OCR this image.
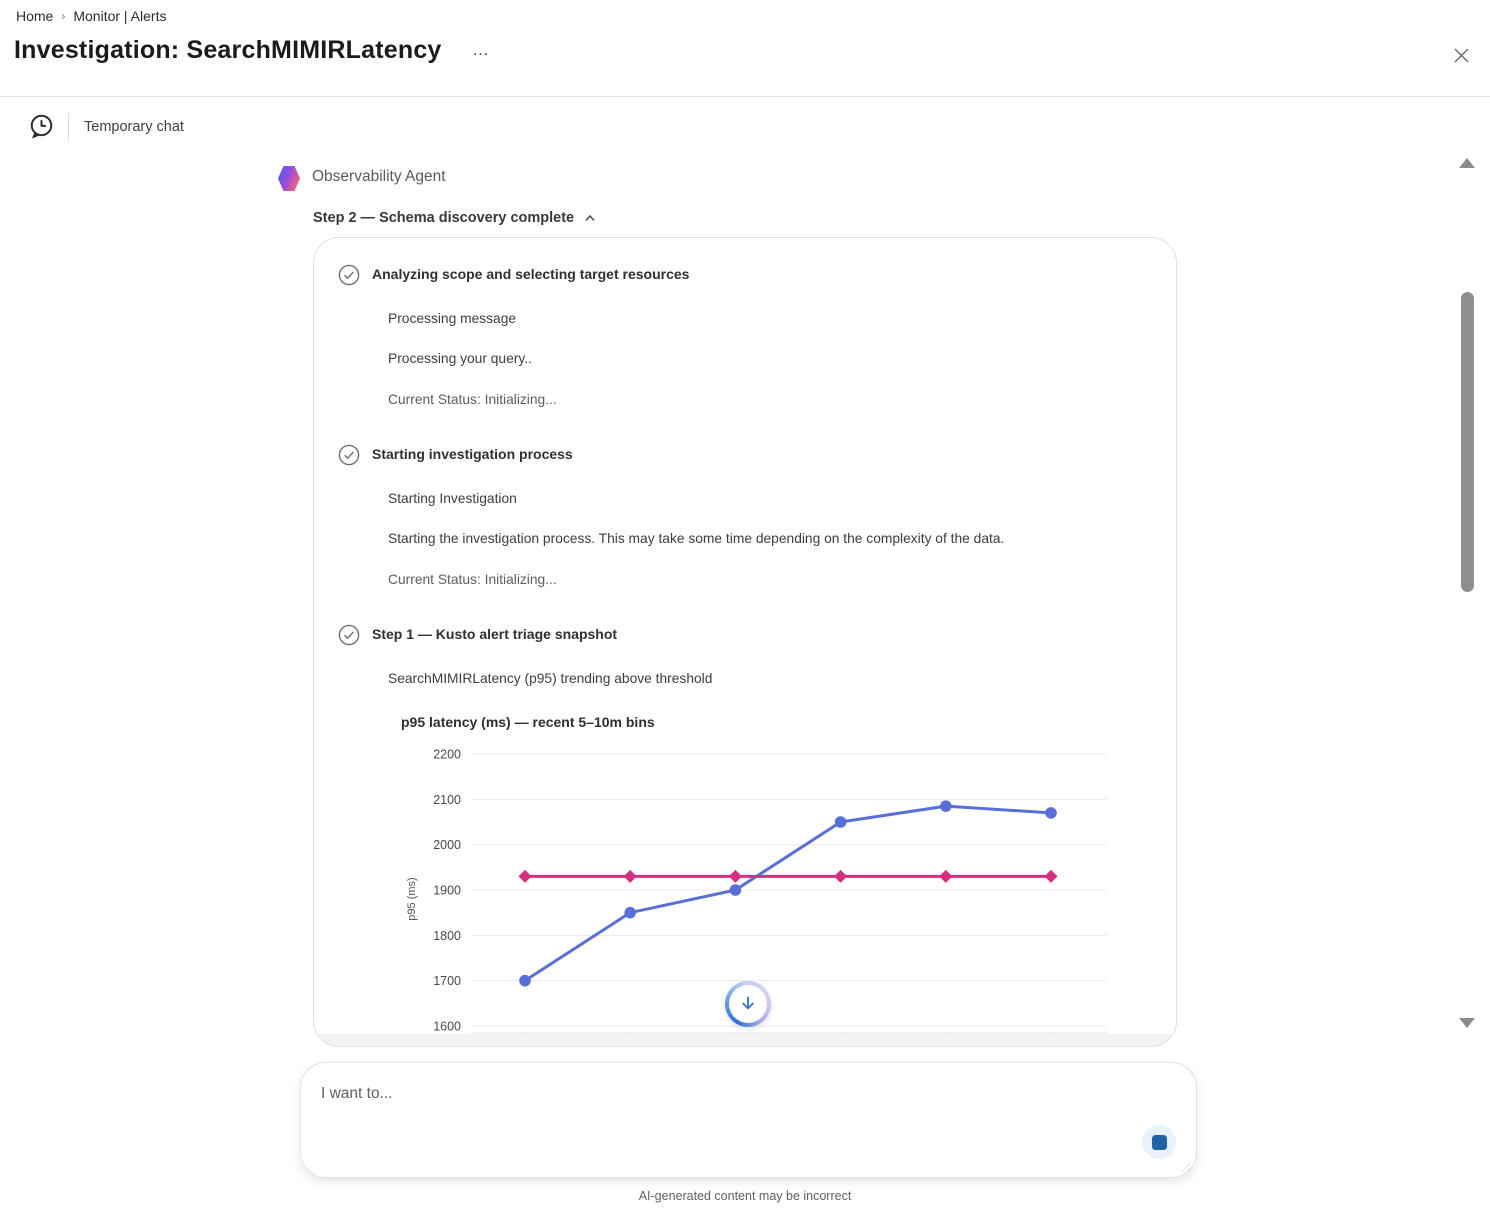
Home › Monitor | Alerts
Investigation: SearchMIMIRLatency …
Temporary chat
Observability Agent
Step 2 — Schema discovery complete
Analyzing scope and selecting target resources
Processing message
Processing your query..
Current Status: Initializing...
Starting investigation process
Starting Investigation
Starting the investigation process. This may take some time depending on the complexity of the data.
Current Status: Initializing...
Step 1 — Kusto alert triage snapshot
SearchMIMIRLatency (p95) trending above threshold
p95 latency (ms) — recent 5–10m bins
2200
2100
2000
1900
1800
1700
1600
p95 (ms)
I want to...
AI-generated content may be incorrect
